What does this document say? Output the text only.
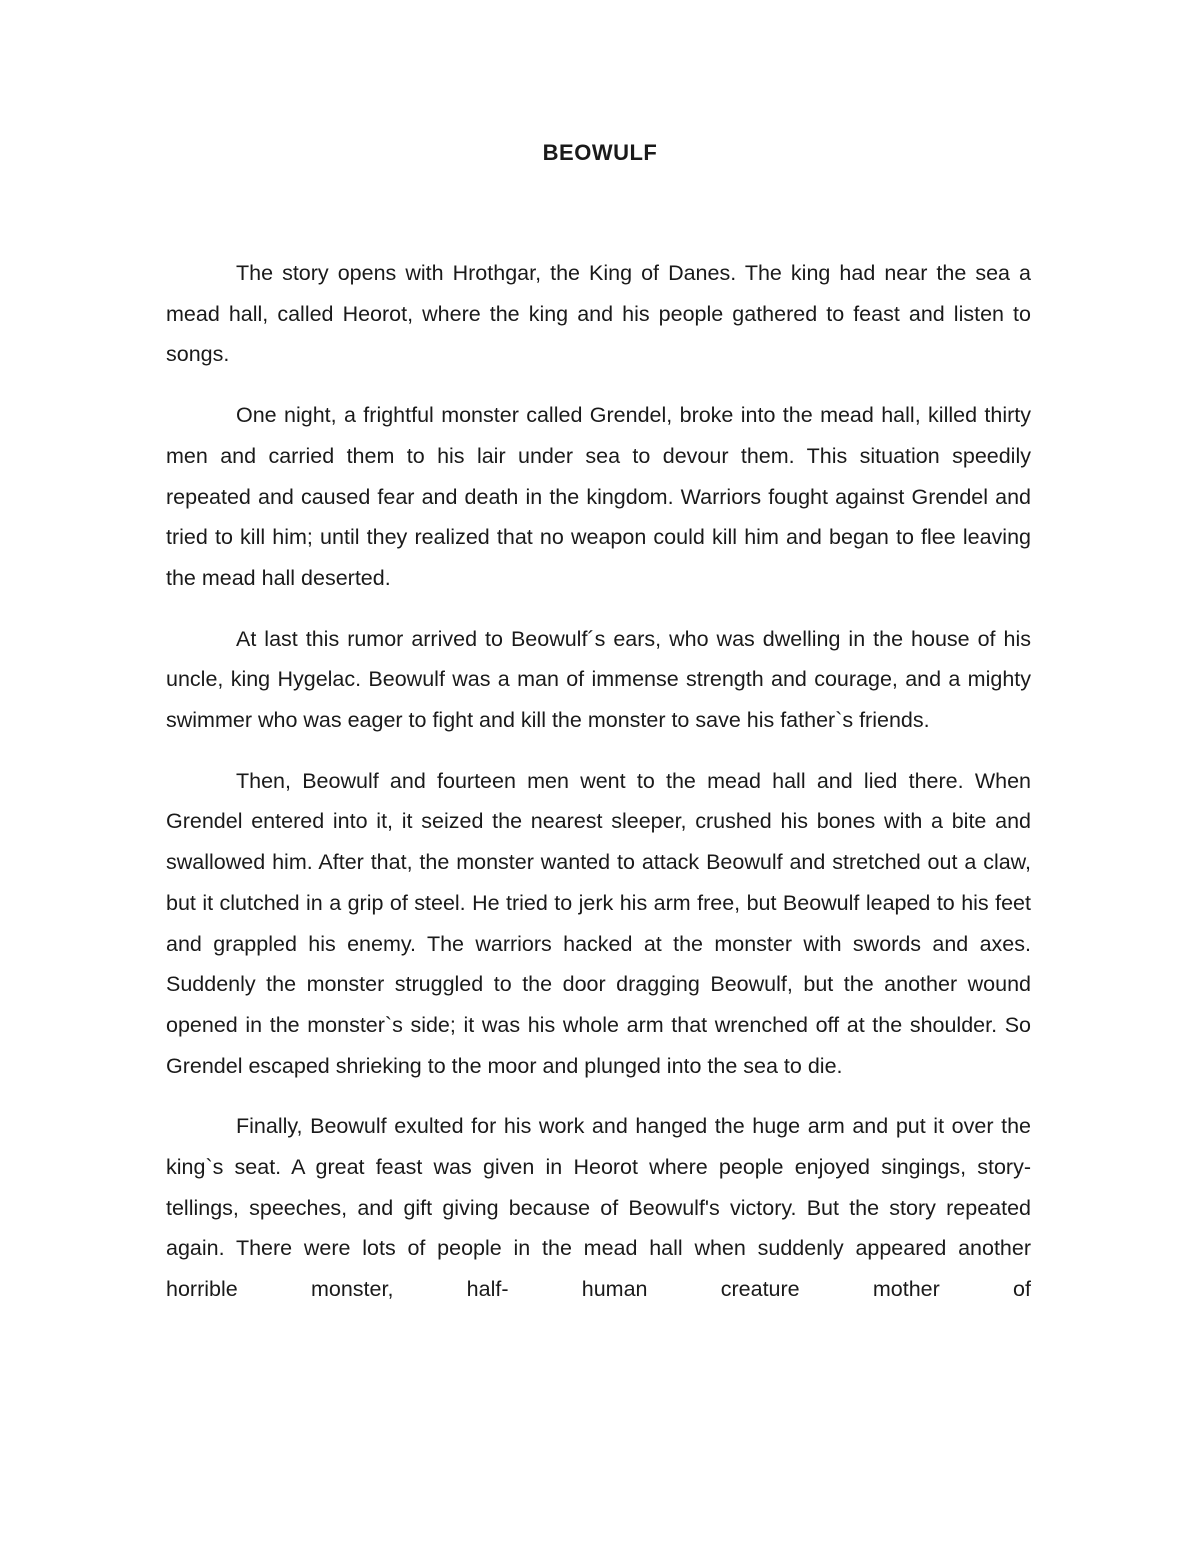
BEOWULF

The story opens with Hrothgar, the King of Danes. The king had near the sea a mead hall, called Heorot, where the king and his people gathered to feast and listen to songs.

One night, a frightful monster called Grendel, broke into the mead hall, killed thirty men and carried them to his lair under sea to devour them. This situation speedily repeated and caused fear and death in the kingdom. Warriors fought against Grendel and tried to kill him; until they realized that no weapon could kill him and began to flee leaving the mead hall deserted.

At last this rumor arrived to Beowulf´s ears, who was dwelling in the house of his uncle, king Hygelac. Beowulf was a man of immense strength and courage, and a mighty swimmer who was eager to fight and kill the monster to save his father`s friends.

Then, Beowulf and fourteen men went to the mead hall and lied there. When Grendel entered into it, it seized the nearest sleeper, crushed his bones with a bite and swallowed him. After that, the monster wanted to attack Beowulf and stretched out a claw, but it clutched in a grip of steel. He tried to jerk his arm free, but Beowulf leaped to his feet and grappled his enemy. The warriors hacked at the monster with swords and axes. Suddenly the monster struggled to the door dragging Beowulf, but the another wound opened in the monster`s side; it was his whole arm that wrenched off at the shoulder. So Grendel escaped shrieking to the moor and plunged into the sea to die.

Finally, Beowulf exulted for his work and hanged the huge arm and put it over the king`s seat. A great feast was given in Heorot where people enjoyed singings, story-tellings, speeches, and gift giving because of Beowulf's victory. But the story repeated again. There were lots of people in the mead hall when suddenly appeared another horrible monster, half- human creature mother of
